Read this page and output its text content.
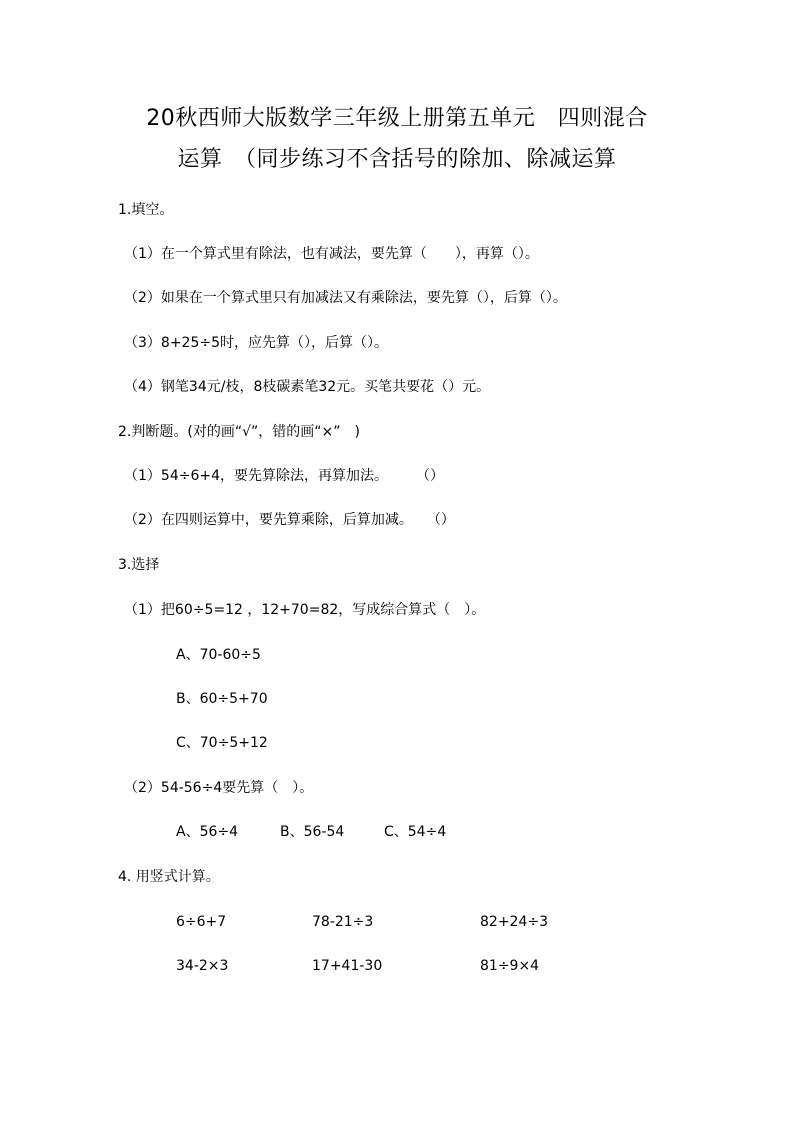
20秋西师大版数学三年级上册第五单元　四则混合
运算　（同步练习不含括号的除加、除减运算
1.填空。
（1）在一个算式里有除法，也有减法，要先算（　　），再算（）。
（2）如果在一个算式里只有加减法又有乘除法，要先算（），后算（）。
（3）8+25÷5时，应先算（），后算（）。
（4）钢笔34元/枝，8枝碳素笔32元。买笔共要花（）元。
2.判断题。(对的画“√”，错的画“×”　)
（1）54÷6+4，要先算除法，再算加法。　　　（）
（2）在四则运算中，要先算乘除，后算加减。　　（）
3.选择
（1）把60÷5=12 ，12+70=82，写成综合算式（　）。
A、70-60÷5
B、60÷5+70
C、70÷5+12
（2）54-56÷4要先算（　）。
A、56÷4	B、56-54	C、54÷4
4. 用竖式计算。
6÷6+7	78-21÷3	82+24÷3
34-2×3	17+41-30	81÷9×4
